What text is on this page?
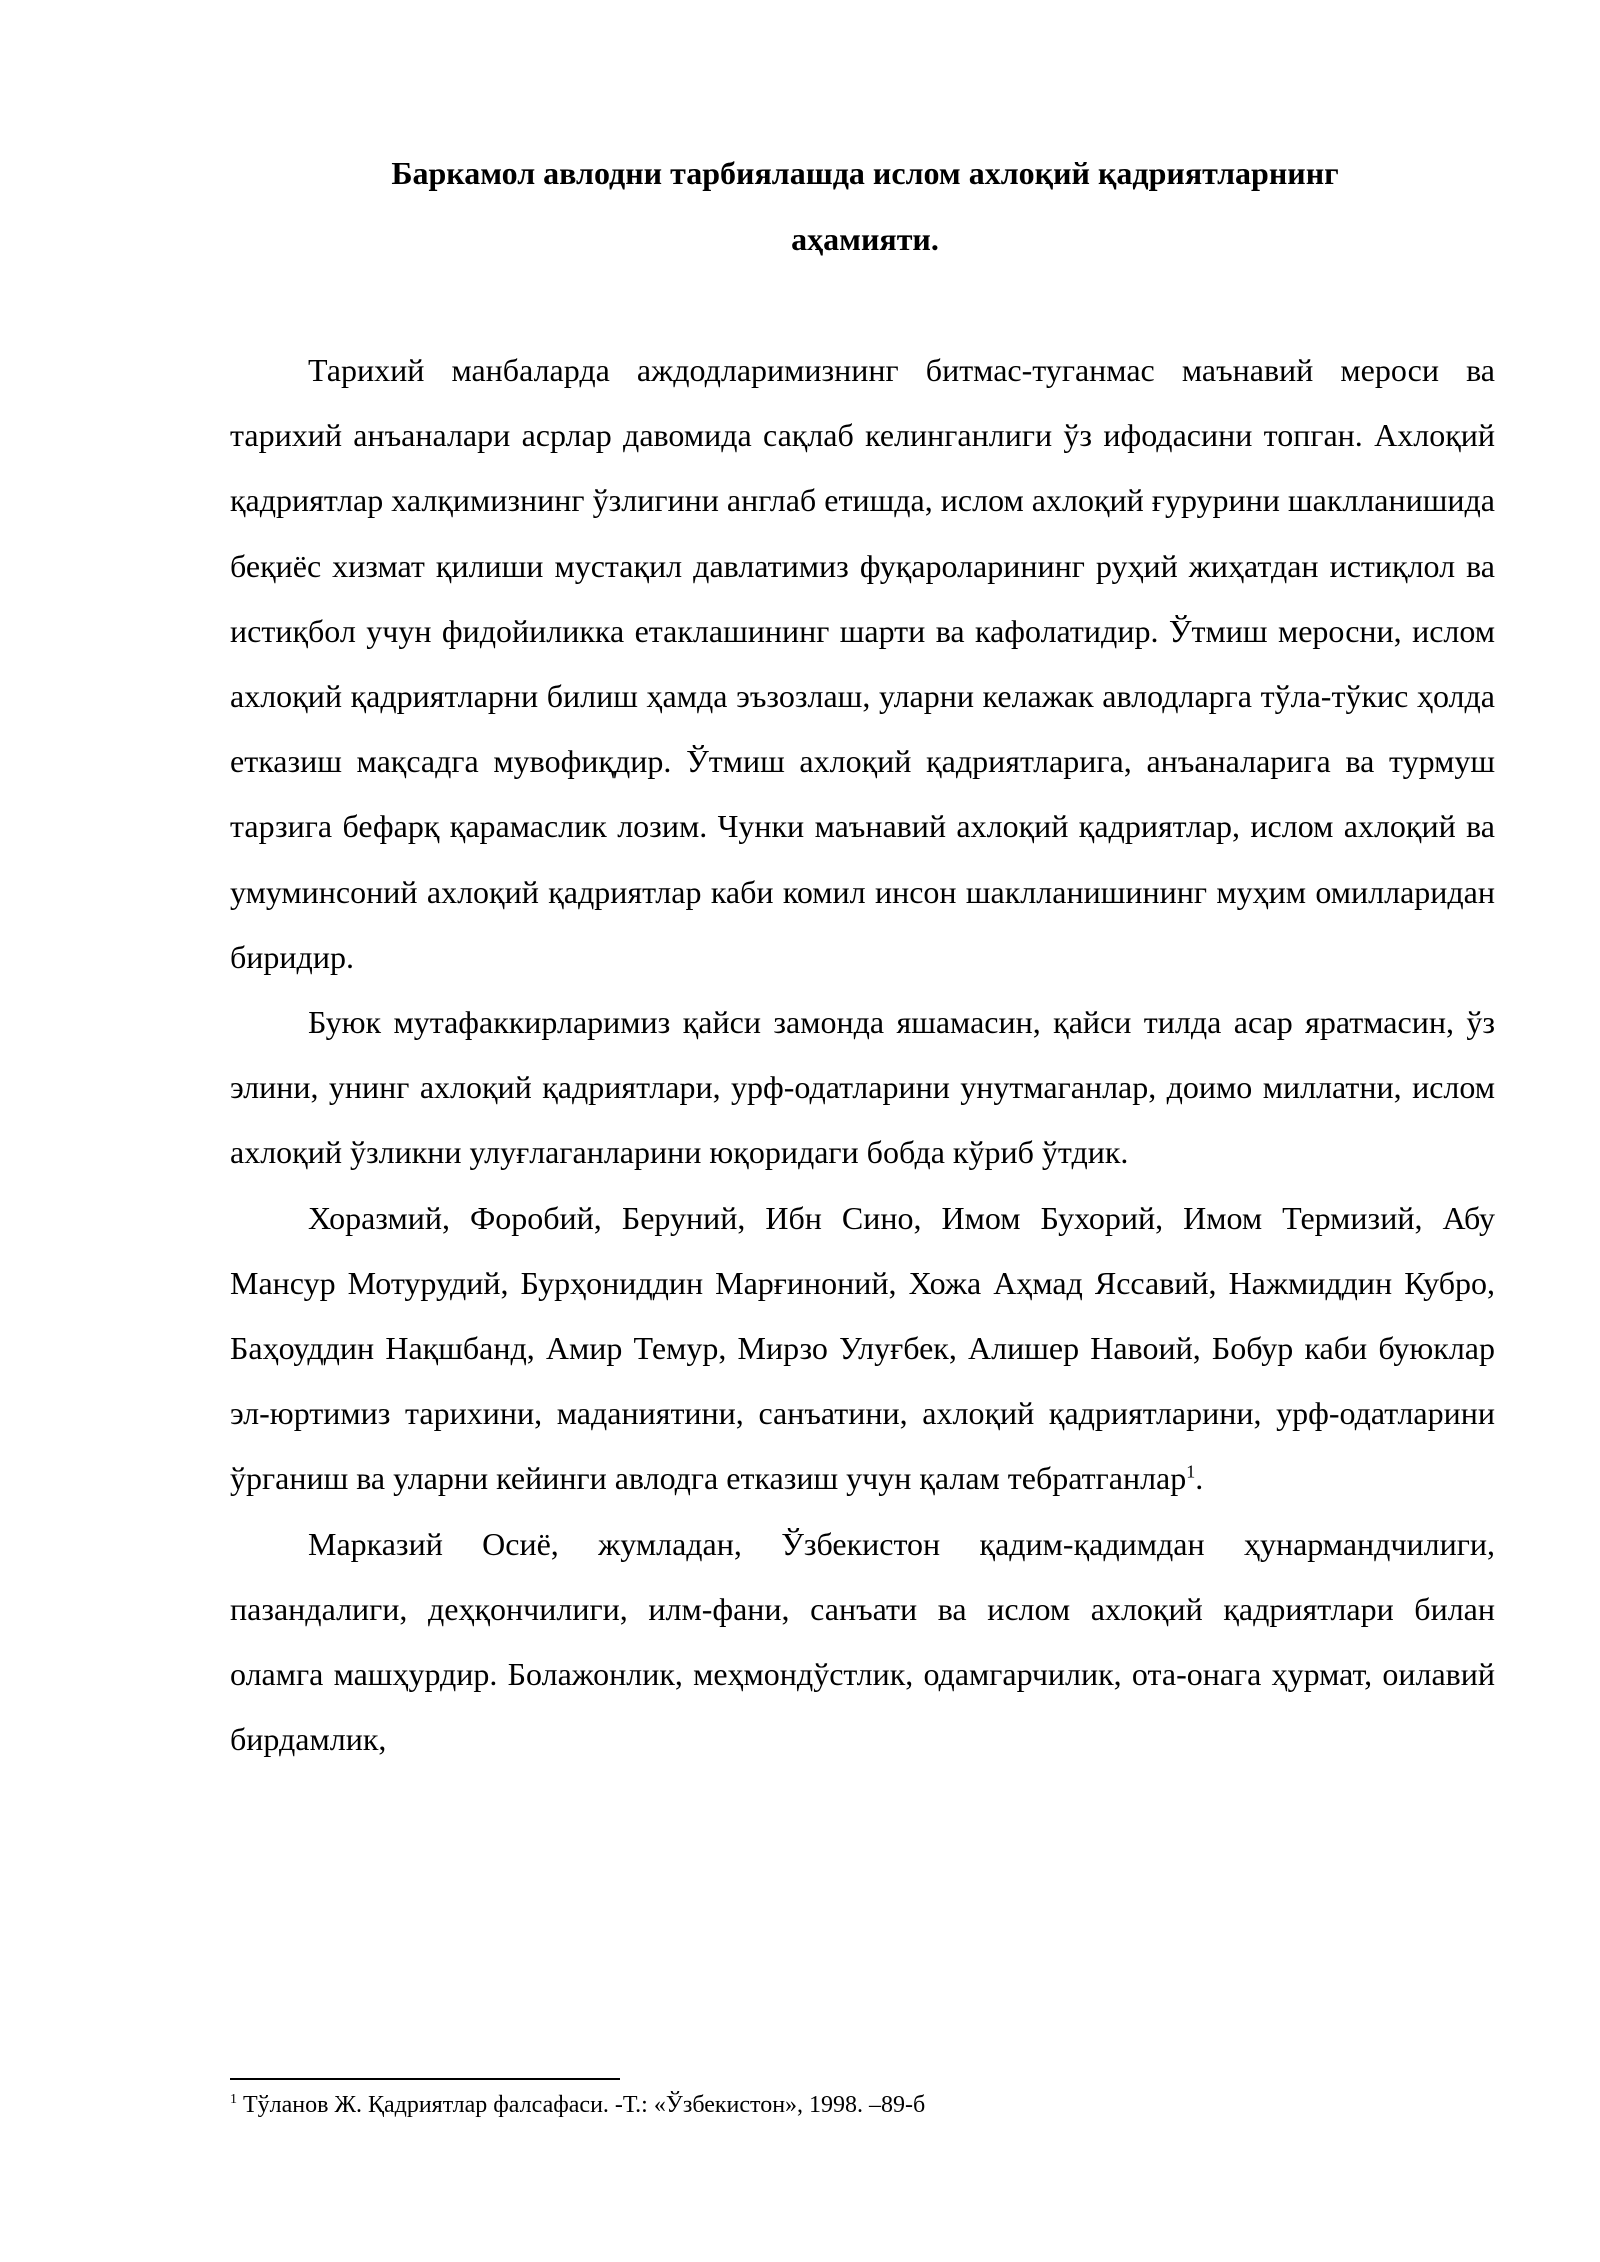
Баркамол авлодни тарбиялашда ислом ахлоқий қадриятларнинг
аҳамияти.

Тарихий манбаларда аждодларимизнинг битмас-туганмас маънавий мероси ва тарихий анъаналари асрлар давомида сақлаб келинганлиги ўз ифодасини топган. Ахлоқий қадриятлар халқимизнинг ўзлигини англаб етишда, ислом ахлоқий ғурурини шаклланишида беқиёс хизмат қилиши мустақил давлатимиз фуқароларининг руҳий жиҳатдан истиқлол ва истиқбол учун фидойиликка етаклашининг шарти ва кафолатидир. Ўтмиш меросни, ислом ахлоқий қадриятларни билиш ҳамда эъзозлаш, уларни келажак авлодларга тўла-тўкис ҳолда етказиш мақсадга мувофиқдир. Ўтмиш ахлоқий қадриятларига, анъаналарига ва турмуш тарзига бефарқ қарамаслик лозим. Чунки маънавий ахлоқий қадриятлар, ислом ахлоқий ва умуминсоний ахлоқий қадриятлар каби комил инсон шаклланишининг муҳим омилларидан биридир.

Буюк мутафаккирларимиз қайси замонда яшамасин, қайси тилда асар яратмасин, ўз элини, унинг ахлоқий қадриятлари, урф-одатларини унутмаганлар, доимо миллатни, ислом ахлоқий ўзликни улуғлаганларини юқоридаги бобда кўриб ўтдик.

Хоразмий, Форобий, Беруний, Ибн Сино, Имом Бухорий, Имом Термизий, Абу Мансур Мотурудий, Бурҳониддин Марғиноний, Хожа Аҳмад Яссавий, Нажмиддин Кубро, Баҳоуддин Нақшбанд, Амир Темур, Мирзо Улуғбек, Алишер Навоий, Бобур каби буюклар эл-юртимиз тарихини, маданиятини, санъатини, ахлоқий қадриятларини, урф-одатларини ўрганиш ва уларни кейинги авлодга етказиш учун қалам тебратганлар$^1$.

Марказий Осиё, жумладан, Ўзбекистон қадим-қадимдан ҳунармандчилиги, пазандалиги, деҳқончилиги, илм-фани, санъати ва ислом ахлоқий қадриятлари билан оламга машҳурдир. Болажонлик, меҳмондўстлик, одамгарчилик, ота-онага ҳурмат, оилавий бирдамлик,

$^1$ Тўланов Ж. Қадриятлар фалсафаси. -Т.: «Ўзбекистон», 1998. –89-б
